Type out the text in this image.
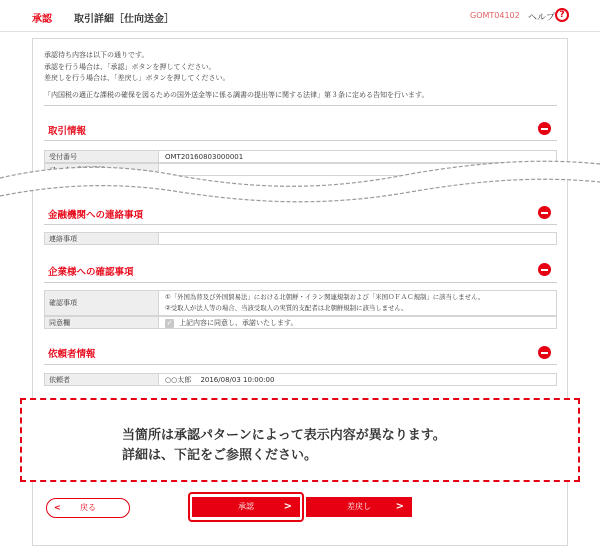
承認 取引詳細［仕向送金］	GOMT04102 ヘルプ ?
承認待ち内容は以下の通りです。
承認を行う場合は、「承認」ボタンを押してください。
差戻しを行う場合は、「差戻し」ボタンを押してください。
「内国税の適正な課税の確保を図るための国外送金等に係る調書の提出等に関する法律」第３条に定める告知を行います。
取引情報
受付番号	OMT20160803000001
金融機関への連絡事項
連絡事項
企業様への確認事項
確認事項
①「外国為替及び外国貿易法」における北朝鮮・イラン関連規制および「米国ＯＦＡＣ規制」に該当しません。
②受取人が法人等の場合、当該受取人の実質的支配者は北朝鮮規制に該当しません。
同意欄	✓ 上記内容に同意し、承諾いたします。
依頼者情報
依頼者	○○太郎　 2016/08/03 10:00:00

当箇所は承認パターンによって表示内容が異なります。

詳細は、下記をご参照ください。

< 戻る	承認	>	差戻し >
